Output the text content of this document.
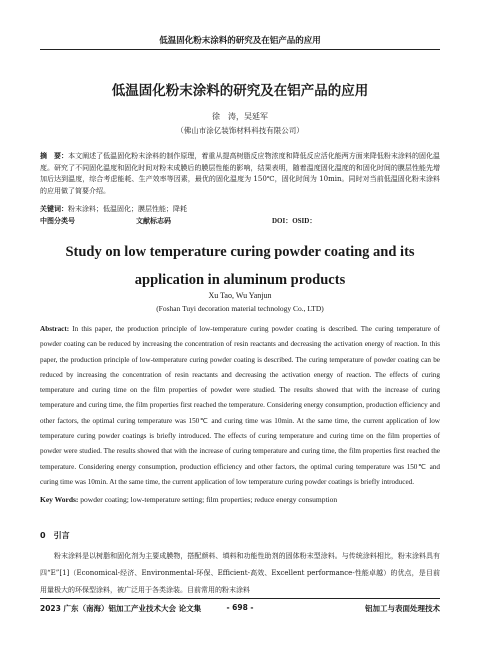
低温固化粉末涂料的研究及在铝产品的应用
低温固化粉末涂料的研究及在铝产品的应用
徐　涛，吴延军
（佛山市涂亿装饰材料科技有限公司）
摘　要：本文阐述了低温固化粉末涂料的制作原理，着重从提高树脂反应物浓度和降低反应活化能两方面来降低粉末涂料的固化温度。研究了不同固化温度和固化时间对粉末成膜后的膜层性能的影响，结果表明，随着温度固化温度的和固化时间的膜层性能先增加后达到温度，综合考虑能耗、生产效率等因素，最优的固化温度为 150℃，固化时间为 10min。同时对当前低温固化粉末涂料的应用做了简要介绍。
关键词：粉末涂料；低温固化；膜层性能；降耗
中图分类号	文献标志码	DOI：OSID：
Study on low temperature curing powder coating and its application in aluminum products
Xu Tao, Wu Yanjun
(Foshan Tuyi decoration material technology Co., LTD)
Abstract: In this paper, the production principle of low-temperature curing powder coating is described. The curing temperature of powder coating can be reduced by increasing the concentration of resin reactants and decreasing the activation energy of reaction. In this paper, the production principle of low-temperature curing powder coating is described. The curing temperature of powder coating can be reduced by increasing the concentration of resin reactants and decreasing the activation energy of reaction. The effects of curing temperature and curing time on the film properties of powder were studied. The results showed that with the increase of curing temperature and curing time, the film properties first reached the temperature. Considering energy consumption, production efficiency and other factors, the optimal curing temperature was 150℃ and curing time was 10min. At the same time, the current application of low temperature curing powder coatings is briefly introduced. The effects of curing temperature and curing time on the film properties of powder were studied. The results showed that with the increase of curing temperature and curing time, the film properties first reached the temperature. Considering energy consumption, production efficiency and other factors, the optimal curing temperature was 150℃ and curing time was 10min. At the same time, the current application of low temperature curing powder coatings is briefly introduced.
Key Words: powder coating; low-temperature setting; film properties; reduce energy consumption
0　引言
粉末涂料是以树脂和固化剂为主要成膜物，搭配颜料、填料和功能性助剂的固体粉末型涂料。与传统涂料相比，粉末涂料具有四“E”[1]（Economical-经济、Environmental-环保、Efficient-高效、Excellent performance-性能卓越）的优点，是目前用量极大的环保型涂料，被广泛用于各类涂装。目前常用的粉末涂料
2023 广东（南海）铝加工产业技术大会 论文集	- 698 -	铝加工与表面处理技术
